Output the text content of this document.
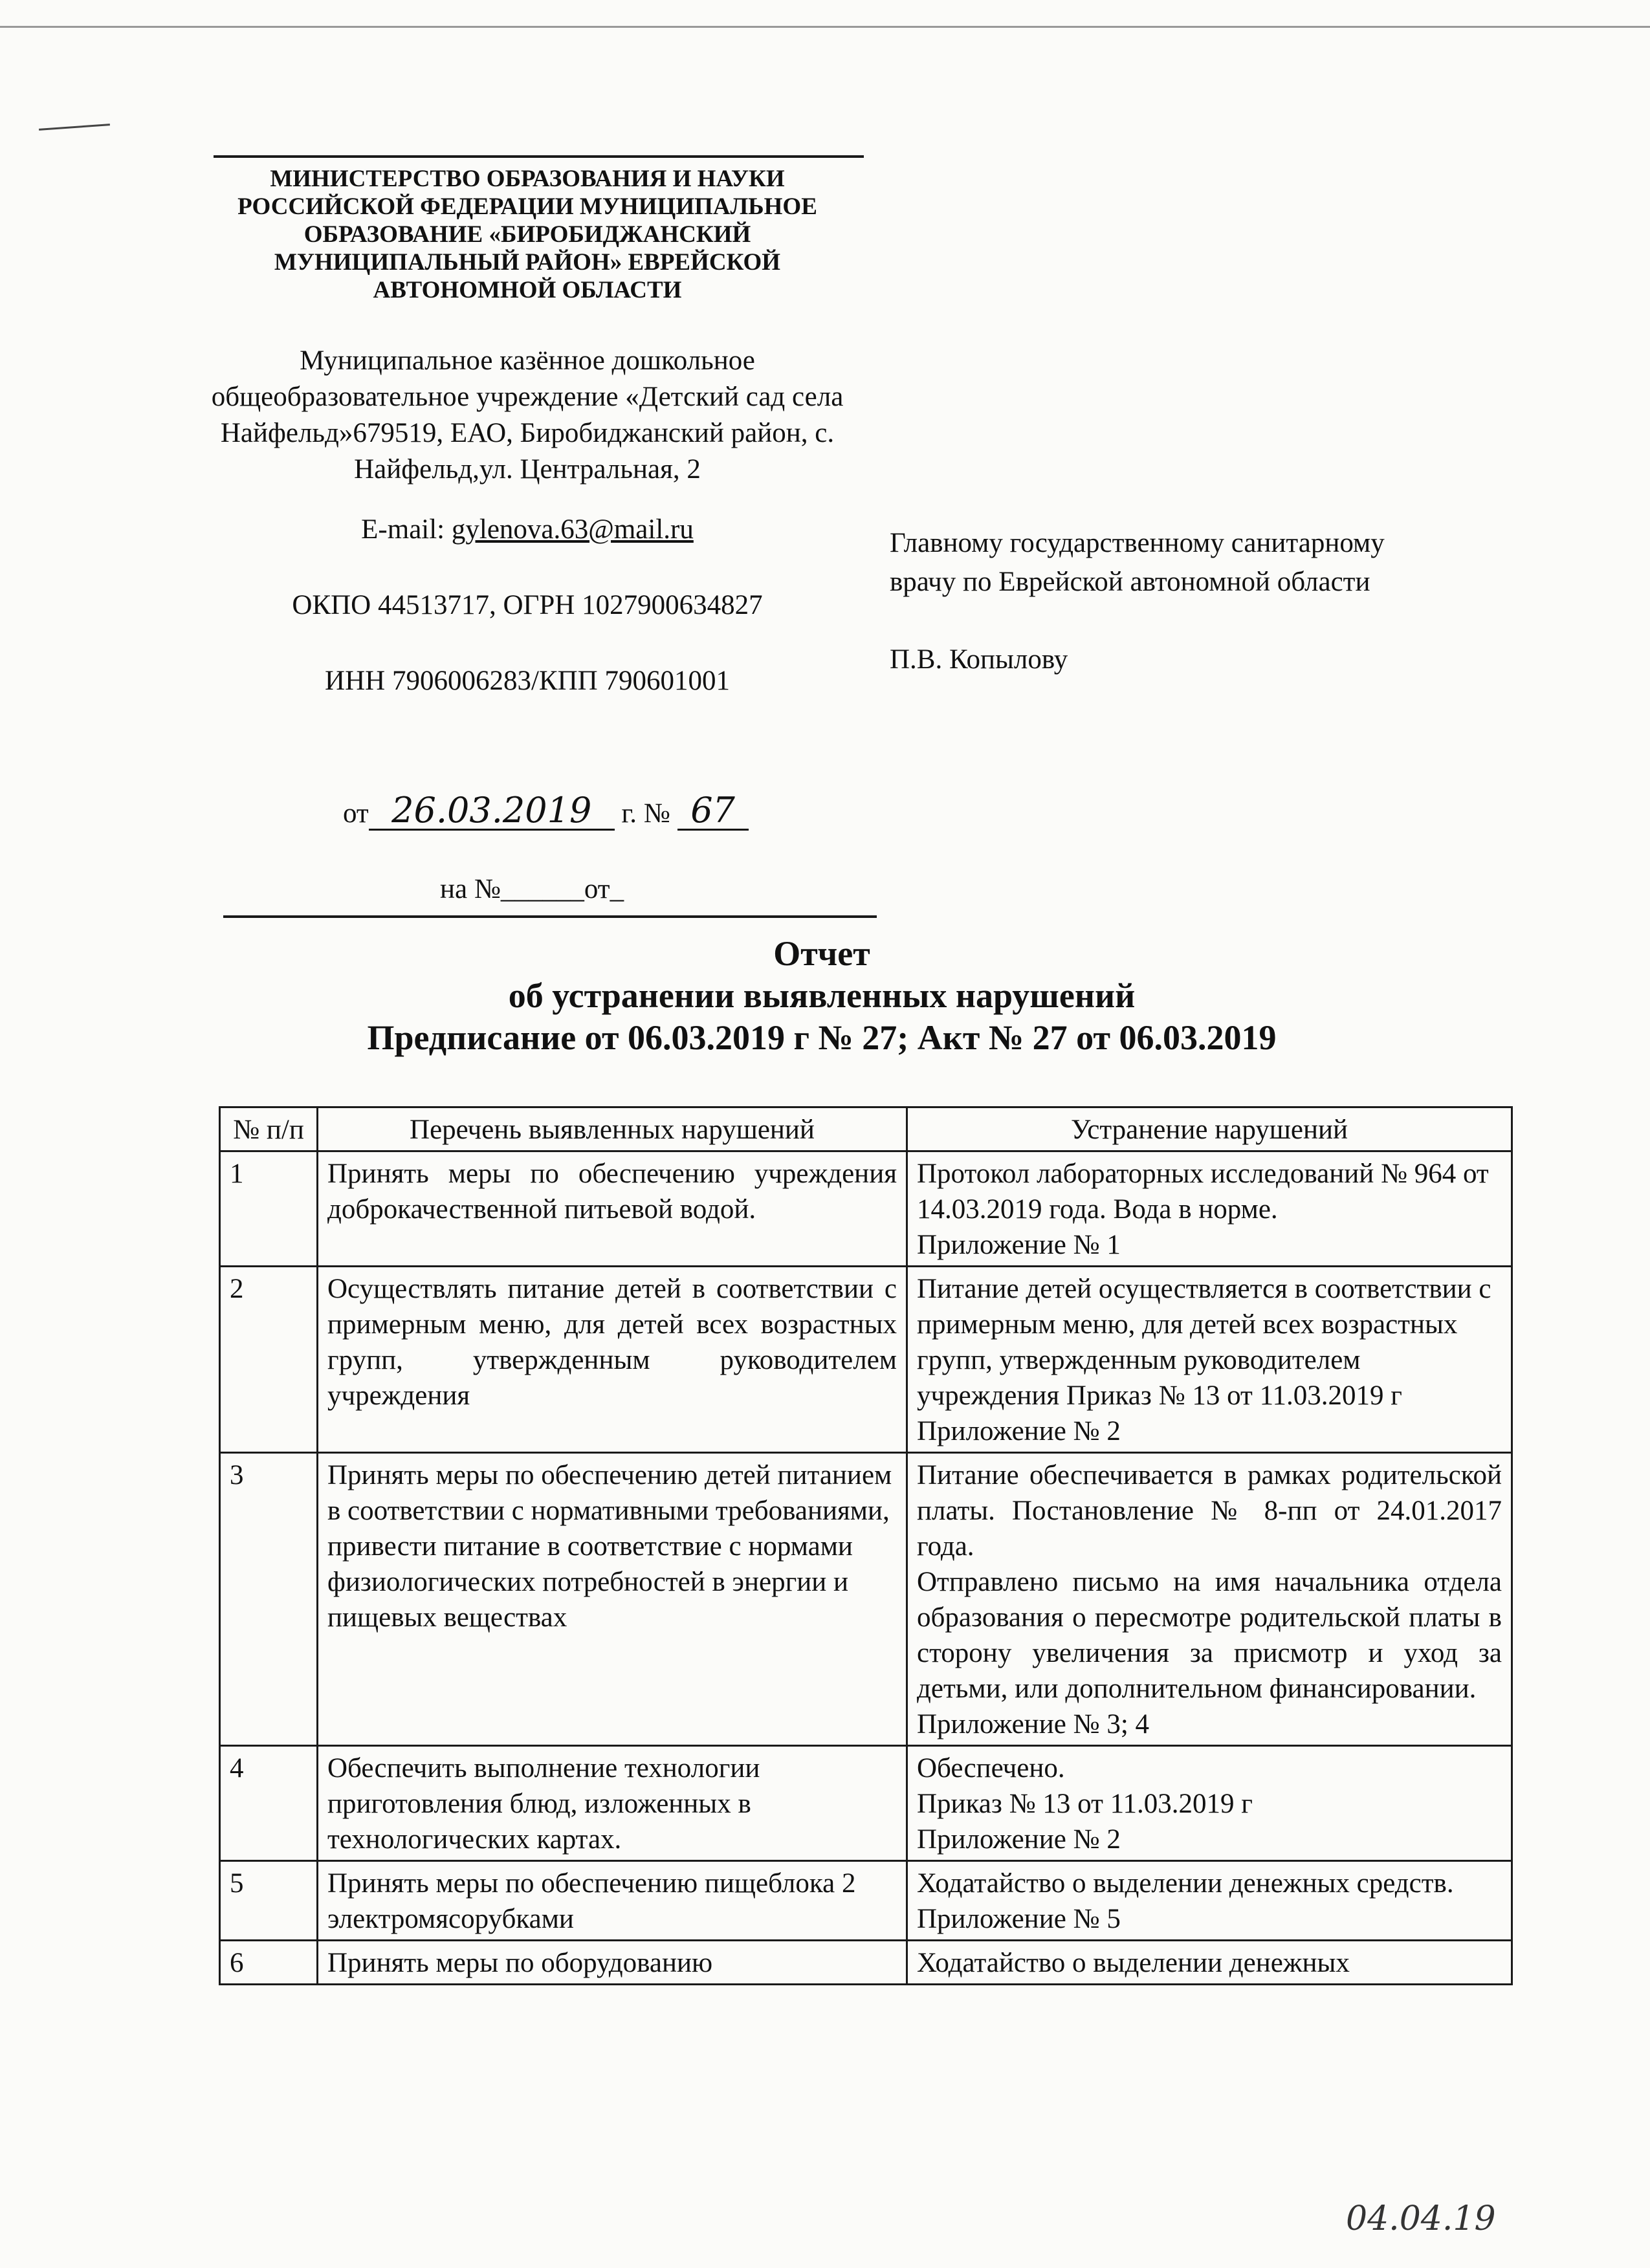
МИНИСТЕРСТВО ОБРАЗОВАНИЯ И НАУКИ РОССИЙСКОЙ ФЕДЕРАЦИИ МУНИЦИПАЛЬНОЕ ОБРАЗОВАНИЕ «БИРОБИДЖАНСКИЙ МУНИЦИПАЛЬНЫЙ РАЙОН» ЕВРЕЙСКОЙ АВТОНОМНОЙ ОБЛАСТИ
Муниципальное казённое дошкольное общеобразовательное учреждение «Детский сад села Найфельд»679519, ЕАО, Биробиджанский район, с. Найфельд,ул. Центральная, 2
E-mail: gylenova.63@mail.ru
ОКПО 44513717, ОГРН 1027900634827
ИНН 7906006283/КПП 790601001
от 26.03.2019 г. № 67
на №______от_
Главному государственному санитарному
врачу по Еврейской автономной области
П.В. Копылову
Отчет
об устранении выявленных нарушений
Предписание от 06.03.2019 г № 27; Акт № 27 от 06.03.2019
№ п/п	Перечень выявленных нарушений	Устранение нарушений
1	Принять меры по обеспечению учреждения доброкачественной питьевой водой.	Протокол лабораторных исследований № 964 от 14.03.2019 года. Вода в норме.
Приложение № 1
2	Осуществлять питание детей в соответствии с примерным меню, для детей всех возрастных групп, утвержденным руководителем учреждения	Питание детей осуществляется в соответствии с примерным меню, для детей всех возрастных групп, утвержденным руководителем учреждения Приказ № 13 от 11.03.2019 г
Приложение № 2
3	Принять меры по обеспечению детей питанием в соответствии с нормативными требованиями, привести питание в соответствие с нормами физиологических потребностей в энергии и пищевых веществах	Питание обеспечивается в рамках родительской платы. Постановление № 8-пп от 24.01.2017 года.
Отправлено письмо на имя начальника отдела образования о пересмотре родительской платы в сторону увеличения за присмотр и уход за детьми, или дополнительном финансировании.
Приложение № 3; 4
4	Обеспечить выполнение технологии приготовления блюд, изложенных в технологических картах.	Обеспечено.
Приказ № 13 от 11.03.2019 г
Приложение № 2
5	Принять меры по обеспечению пищеблока 2 электромясорубками	Ходатайство о выделении денежных средств.
Приложение № 5
6	Принять меры по оборудованию	Ходатайство о выделении денежных
04.04.19
